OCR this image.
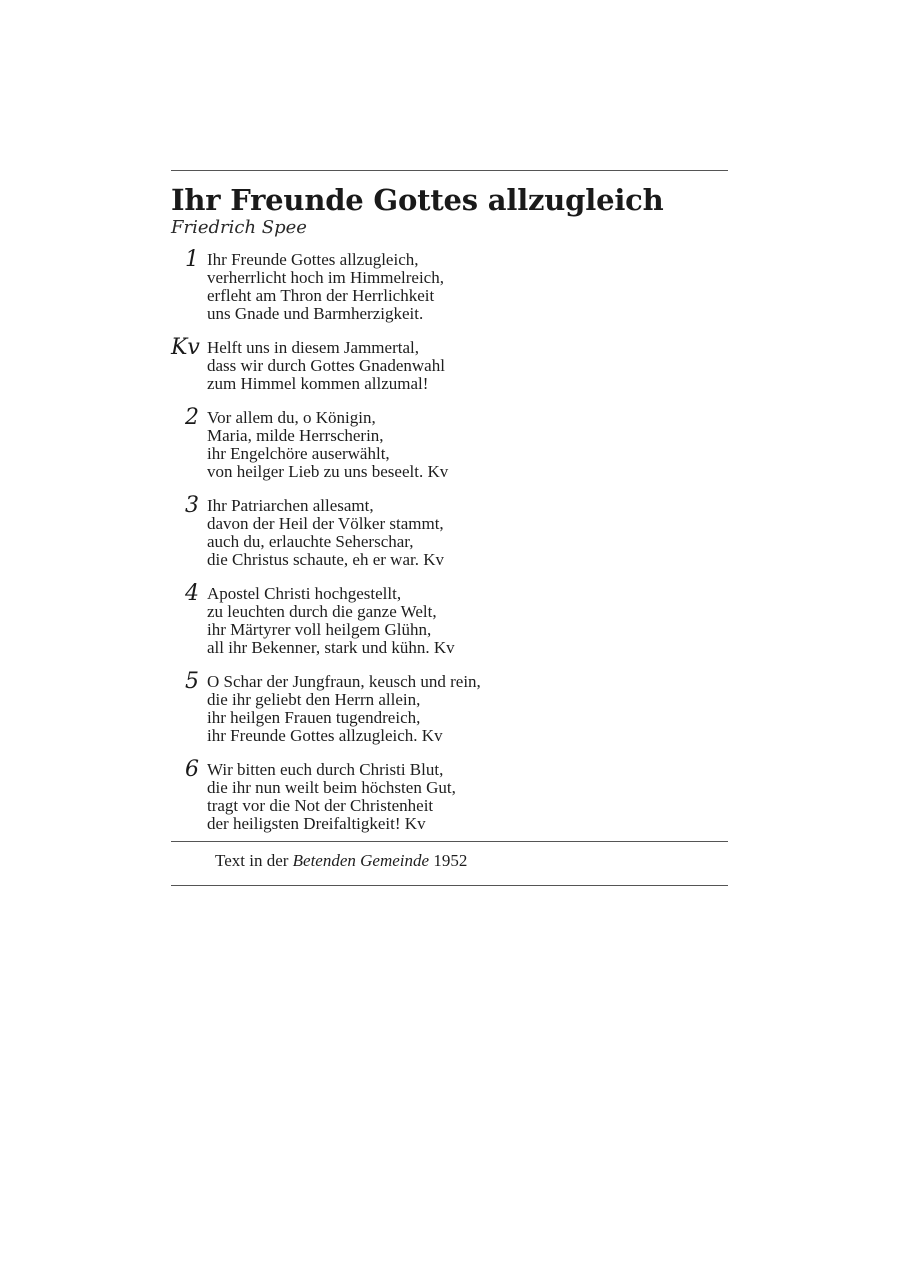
Ihr Freunde Gottes allzugleich
Friedrich Spee
1 Ihr Freunde Gottes allzugleich,
verherrlicht hoch im Himmelreich,
erfleht am Thron der Herrlichkeit
uns Gnade und Barmherzigkeit.
Kv Helft uns in diesem Jammertal,
dass wir durch Gottes Gnadenwahl
zum Himmel kommen allzumal!
2 Vor allem du, o Königin,
Maria, milde Herrscherin,
ihr Engelchöre auserwählt,
von heilger Lieb zu uns beseelt. Kv
3 Ihr Patriarchen allesamt,
davon der Heil der Völker stammt,
auch du, erlauchte Seherschar,
die Christus schaute, eh er war. Kv
4 Apostel Christi hochgestellt,
zu leuchten durch die ganze Welt,
ihr Märtyrer voll heilgem Glühn,
all ihr Bekenner, stark und kühn. Kv
5 O Schar der Jungfraun, keusch und rein,
die ihr geliebt den Herrn allein,
ihr heilgen Frauen tugendreich,
ihr Freunde Gottes allzugleich. Kv
6 Wir bitten euch durch Christi Blut,
die ihr nun weilt beim höchsten Gut,
tragt vor die Not der Christenheit
der heiligsten Dreifaltigkeit! Kv
Text in der Betenden Gemeinde 1952
